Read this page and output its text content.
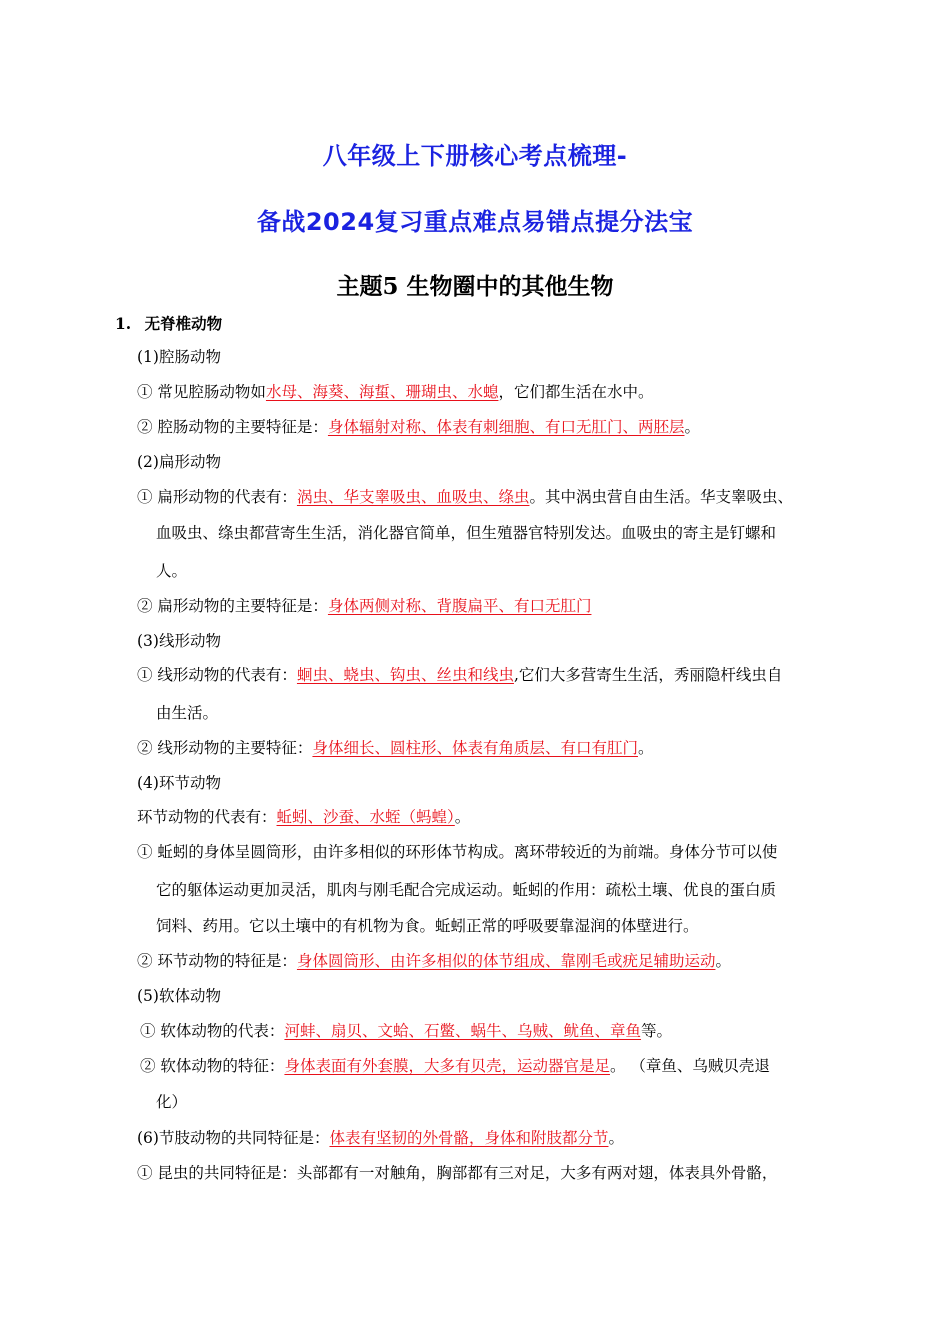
八年级上下册核心考点梳理-
备战2024复习重点难点易错点提分法宝
主题5 生物圈中的其他生物
1. 无脊椎动物
(1)腔肠动物
① 常见腔肠动物如水母、海葵、海蜇、珊瑚虫、水螅，它们都生活在水中。
② 腔肠动物的主要特征是：身体辐射对称、体表有刺细胞、有口无肛门、两胚层。
(2)扁形动物
① 扁形动物的代表有：涡虫、华支睾吸虫、血吸虫、绦虫。其中涡虫营自由生活。华支睾吸虫、
血吸虫、绦虫都营寄生生活，消化器官简单，但生殖器官特别发达。血吸虫的寄主是钉螺和
人。
② 扁形动物的主要特征是：身体两侧对称、背腹扁平、有口无肛门
(3)线形动物
① 线形动物的代表有：蛔虫、蛲虫、钩虫、丝虫和线虫,它们大多营寄生生活，秀丽隐杆线虫自
由生活。
② 线形动物的主要特征：身体细长、圆柱形、体表有角质层、有口有肛门。
(4)环节动物
环节动物的代表有：蚯蚓、沙蚕、水蛭（蚂蝗）。
① 蚯蚓的身体呈圆筒形，由许多相似的环形体节构成。离环带较近的为前端。身体分节可以使
它的躯体运动更加灵活，肌肉与刚毛配合完成运动。蚯蚓的作用：疏松土壤、优良的蛋白质
饲料、药用。它以土壤中的有机物为食。蚯蚓正常的呼吸要靠湿润的体壁进行。
② 环节动物的特征是：身体圆筒形、由许多相似的体节组成、靠刚毛或疣足辅助运动。
(5)软体动物
① 软体动物的代表：河蚌、扇贝、文蛤、石鳖、蜗牛、乌贼、鱿鱼、章鱼等。
② 软体动物的特征：身体表面有外套膜，大多有贝壳，运动器官是足。 （章鱼、乌贼贝壳退
化）
(6)节肢动物的共同特征是：体表有坚韧的外骨骼，身体和附肢都分节。
① 昆虫的共同特征是：头部都有一对触角，胸部都有三对足，大多有两对翅，体表具外骨骼，
